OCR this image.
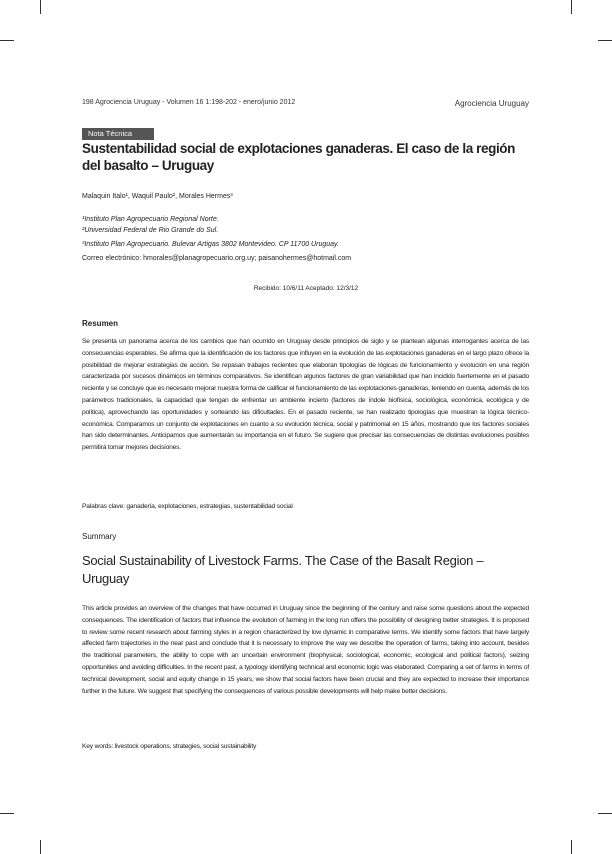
198 Agrociencia Uruguay - Volumen 16 1:198-202 - enero/junio 2012	Agrociencia Uruguay
Nota Técnica
Sustentabilidad social de explotaciones ganaderas. El caso de la región del basalto – Uruguay
Malaquin Italo¹, Waquil Paulo², Morales Hermes³
¹Instituto Plan Agropecuario Regional Norte.
²Universidad Federal de Rio Grande do Sul.
³Instituto Plan Agropecuario. Bulevar Artigas 3802 Montevideo. CP 11700 Uruguay.
Correo electrónico: hmorales@planagropecuario.org.uy; paisanohermes@hotmail.com
Recibido: 10/6/11 Aceptado: 12/3/12
Resumen
Se presenta un panorama acerca de los cambios que han ocurrido en Uruguay desde principios de siglo y se plantean algunas interrogantes acerca de las consecuencias esperables. Se afirma que la identificación de los factores que influyen en la evolución de las explotaciones ganaderas en el largo plazo ofrece la posibilidad de mejorar estrategias de acción. Se repasan trabajos recientes que elaboran tipologías de lógicas de funcionamiento y evolución en una región caracterizada por sucesos dinámicos en términos comparativos. Se identifican algunos factores de gran variabilidad que han incidido fuertemente en el pasado reciente y se concluye que es necesario mejorar nuestra forma de calificar el funcionamiento de las explotaciones ganaderas, teniendo en cuenta, además de los parámetros tradicionales, la capacidad que tengan de enfrentar un ambiente incierto (factores de índole biofísica, sociológica, económica, ecológica y de política), aprovechando las oportunidades y sorteando las dificultades. En el pasado reciente, se han realizado tipologías que muestran la lógica técnico-económica. Comparamos un conjunto de explotaciones en cuanto a su evolución técnica, social y patrimonial en 15 años, mostrando que los factores sociales han sido determinantes. Anticipamos que aumentarán su importancia en el futuro. Se sugiere que precisar las consecuencias de distintas evoluciones posibles permitirá tomar mejores decisiones.
Palabras clave: ganadería, explotaciones, estrategias, sustentabilidad social
Summary
Social Sustainability of Livestock Farms. The Case of the Basalt Region – Uruguay
This article provides an overview of the changes that have occurred in Uruguay since the beginning of the century and raise some questions about the expected consequences. The identification of factors that influence the evolution of farming in the long run offers the possibility of designing better strategies. It is proposed to review some recent research about farming styles in a region characterized by low dynamic in comparative terms. We identify some factors that have largely affected farm trajectories in the near past and conclude that it is necessary to improve the way we describe the operation of farms, taking into account, besides the traditional parameters, the ability to cope with an uncertain environment (biophysical, sociological, economic, ecological and political factors), seizing opportunities and avoiding difficulties. In the recent past, a typology identifying technical and economic logic was elaborated. Comparing a set of farms in terms of technical development, social and equity change in 15 years, we show that social factors have been crucial and they are expected to increase their importance further in the future. We suggest that specifying the consequences of various possible developments will help make better decisions.
Key words: livestock operations, strategies, social sustainability
